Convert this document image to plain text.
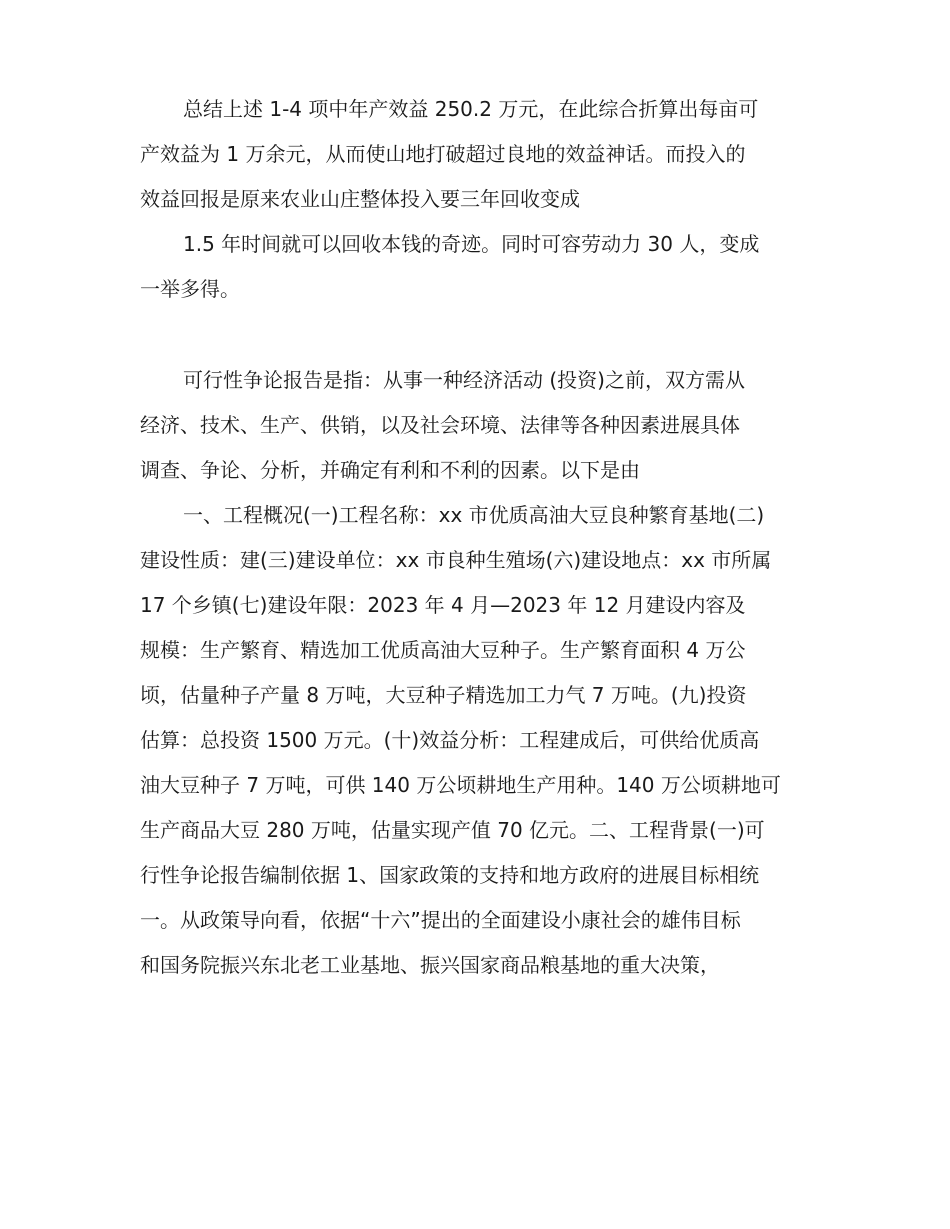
总结上述 1-4 项中年产效益 250.2 万元，在此综合折算出每亩可
产效益为 1 万余元，从而使山地打破超过良地的效益神话。而投入的
效益回报是原来农业山庄整体投入要三年回收变成

1.5 年时间就可以回收本钱的奇迹。同时可容劳动力 30 人，变成
一举多得。

可行性争论报告是指：从事一种经济活动 (投资)之前，双方需从
经济、技术、生产、供销，以及社会环境、法律等各种因素进展具体
调查、争论、分析，并确定有利和不利的因素。以下是由

一、工程概况(一)工程名称：xx 市优质高油大豆良种繁育基地(二)
建设性质：建(三)建设单位：xx 市良种生殖场(六)建设地点：xx 市所属
17 个乡镇(七)建设年限：2023 年 4 月—2023 年 12 月建设内容及
规模：生产繁育、精选加工优质高油大豆种子。生产繁育面积 4 万公
顷，估量种子产量 8 万吨，大豆种子精选加工力气 7 万吨。(九)投资
估算：总投资 1500 万元。(十)效益分析：工程建成后，可供给优质高
油大豆种子 7 万吨，可供 140 万公顷耕地生产用种。140 万公顷耕地可
生产商品大豆 280 万吨，估量实现产值 70 亿元。二、工程背景(一)可
行性争论报告编制依据 1、国家政策的支持和地方政府的进展目标相统
一。从政策导向看，依据“十六”提出的全面建设小康社会的雄伟目标
和国务院振兴东北老工业基地、振兴国家商品粮基地的重大决策，
